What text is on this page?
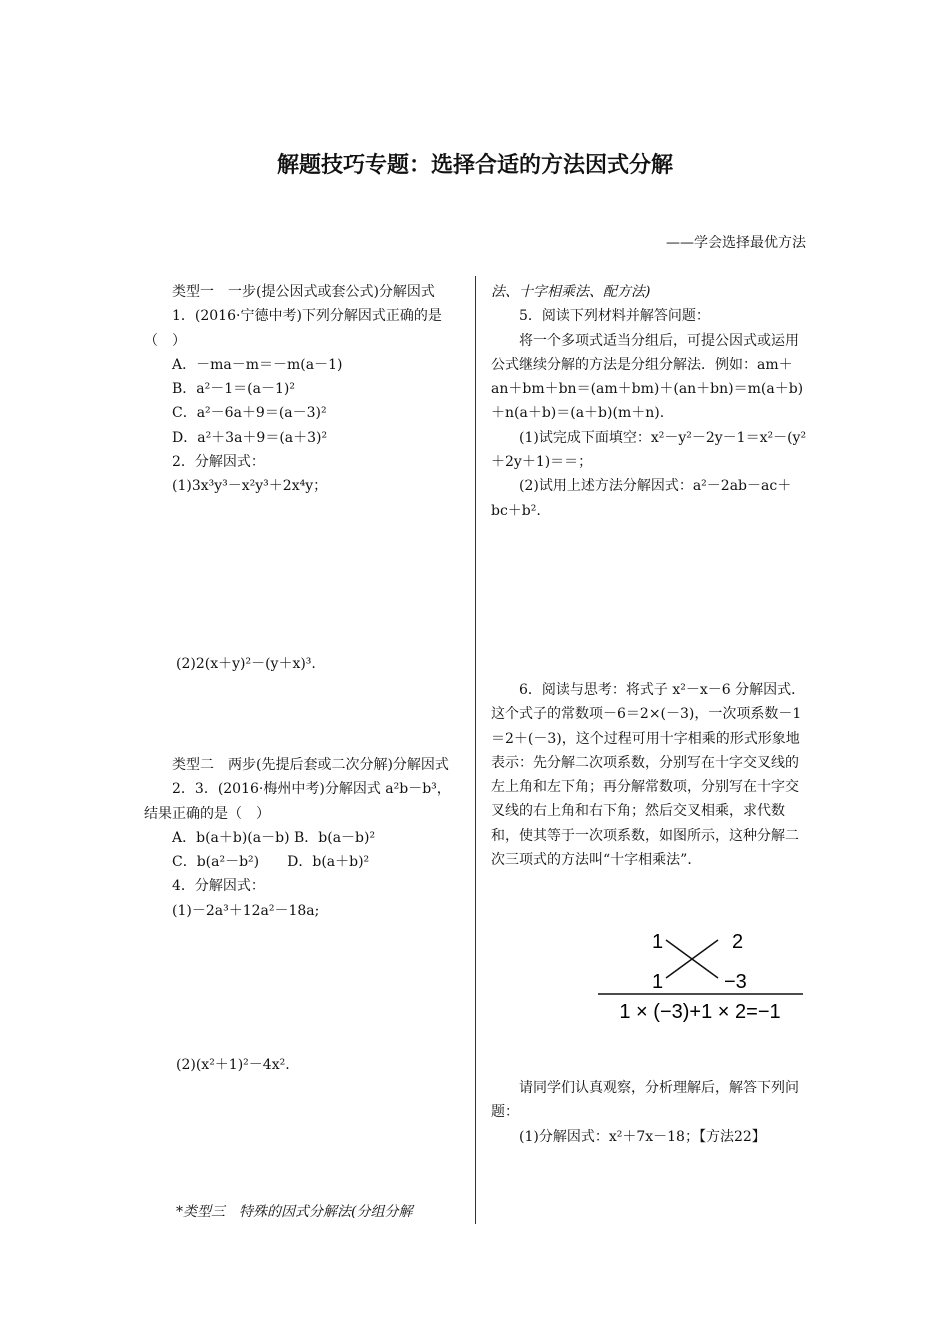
解题技巧专题：选择合适的方法因式分解
——学会选择最优方法

类型一　一步(提公因式或套公式)分解因式

1．(2016·宁德中考)下列分解因式正确的是（　）

A．－ma－m＝－m(a－1)

B．a²－1＝(a－1)²

C．a²－6a＋9＝(a－3)²

D．a²＋3a＋9＝(a＋3)²

2．分解因式：

(1)3x³y³－x²y³＋2x⁴y；

(2)2(x＋y)²－(y＋x)³.

类型二　两步(先提后套或二次分解)分解因式

2．3．(2016·梅州中考)分解因式 a²b－b³，结果正确的是（　）

A．b(a＋b)(a－b) B．b(a－b)²

C．b(a²－b²)　　D．b(a＋b)²

4．分解因式：

(1)－2a³＋12a²－18a;

(2)(x²＋1)²－4x².

*类型三　特殊的因式分解法(分组分解

法、十字相乘法、配方法)

5．阅读下列材料并解答问题：

将一个多项式适当分组后，可提公因式或运用公式继续分解的方法是分组分解法．例如：am＋an＋bm＋bn＝(am＋bm)＋(an＋bn)＝m(a＋b)＋n(a＋b)＝(a＋b)(m＋n).

(1)试完成下面填空：x²－y²－2y－1＝x²－(y²＋2y＋1)＝＝；

(2)试用上述方法分解因式：a²－2ab－ac＋bc＋b².

6．阅读与思考：将式子 x²－x－6 分解因式．这个式子的常数项－6＝2×(－3)，一次项系数－1＝2＋(－3)，这个过程可用十字相乘的形式形象地表示：先分解二次项系数，分别写在十字交叉线的左上角和左下角；再分解常数项，分别写在十字交叉线的右上角和右下角；然后交叉相乘，求代数和，使其等于一次项系数，如图所示，这种分解二次三项式的方法叫“十字相乘法”．

1	2
1	−3
1 × (−3)+1 × 2=−1

请同学们认真观察，分析理解后，解答下列问题：

(1)分解因式：x²＋7x－18；【方法22】
